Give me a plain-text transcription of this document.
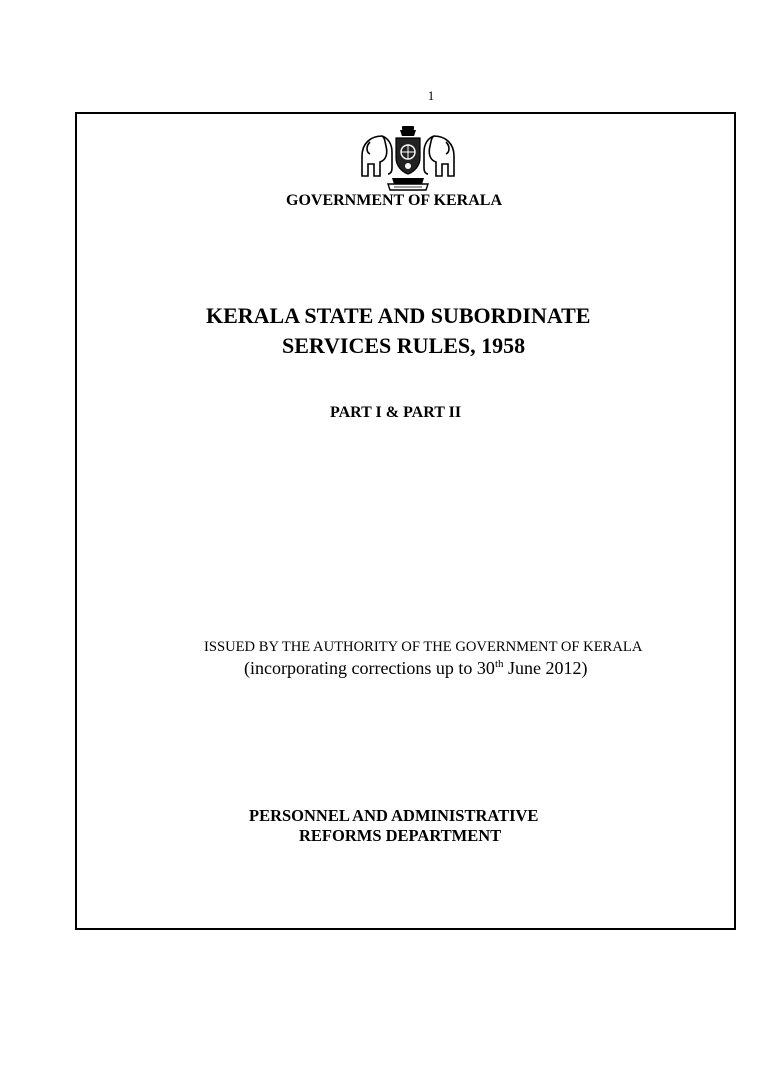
1
GOVERNMENT OF KERALA
KERALA STATE AND SUBORDINATE
SERVICES RULES, 1958
PART I & PART II
ISSUED BY THE AUTHORITY OF THE GOVERNMENT OF KERALA
(incorporating corrections up to 30th June 2012)
PERSONNEL AND ADMINISTRATIVE
REFORMS DEPARTMENT
